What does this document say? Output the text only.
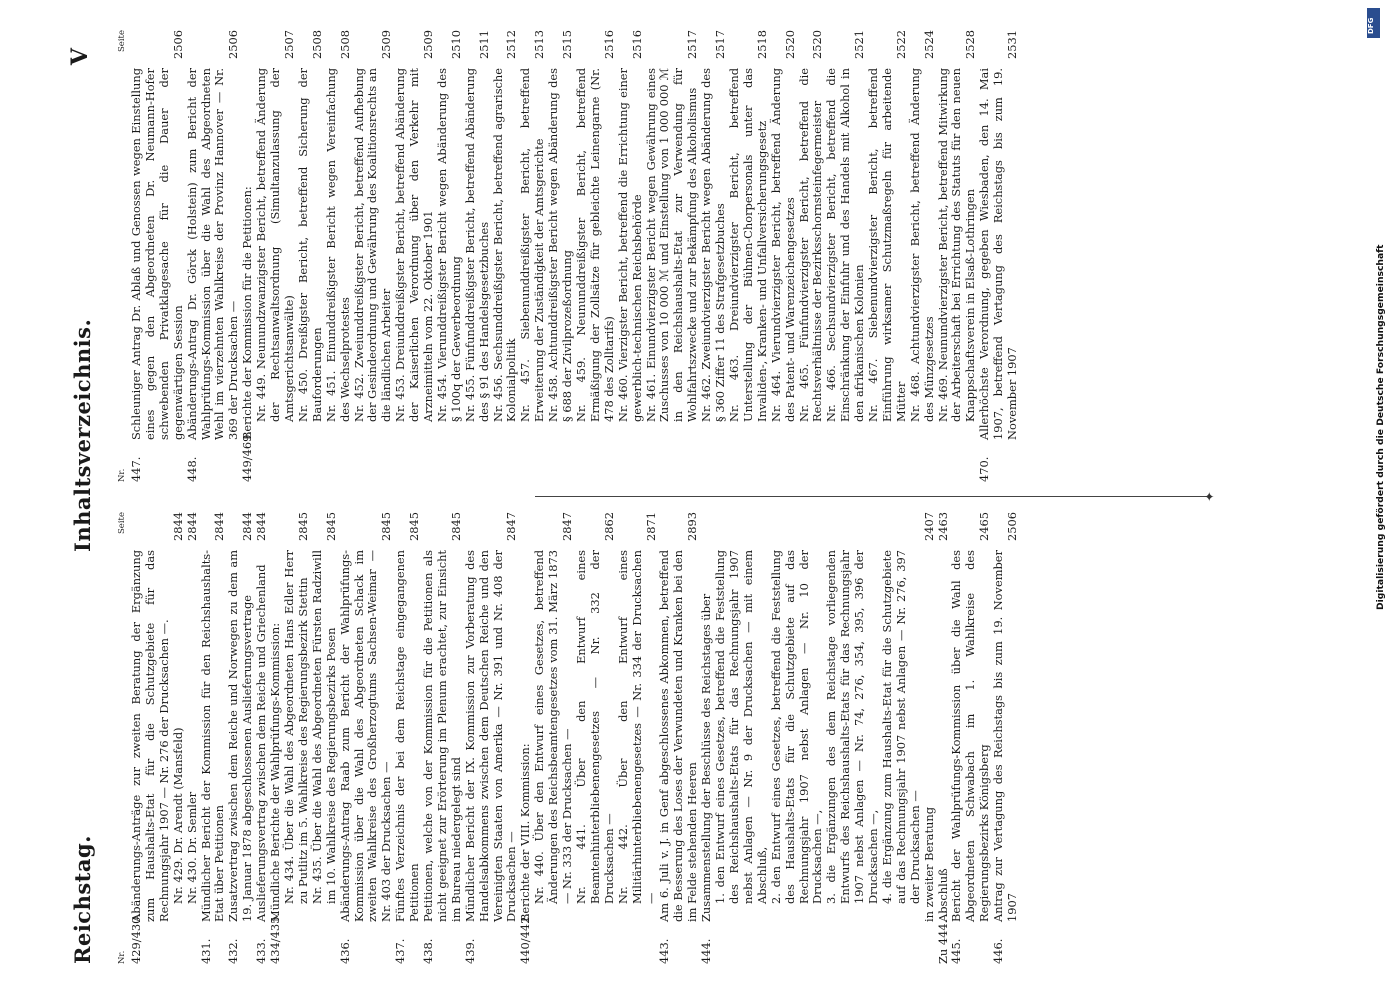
Reichstag.	Nr.
Seite
429/430.
Abänderungs-Anträge zur zweiten Beratung der Ergänzung zum Haushalts-Etat für die Schutzgebiete für das Rechnungsjahr 1907 — Nr. 276 der Drucksachen —. Nr. 429. Dr. Arendt (Mansfeld)
2844
Nr. 430. Dr. Semler
2844
431.
Mündlicher Bericht der Kommission für den Reichshaushalts-Etat über Petitionen
2844
432.
Zusatzvertrag zwischen dem Reiche und Norwegen zu dem am 19. Januar 1878 abgeschlossenen Auslieferungsvertrage
2844
433.
Auslieferungsvertrag zwischen dem Reiche und Griechenland
2844
434/435.
Mündliche Berichte der Wahlprüfungs-Kommission: Nr. 434. Über die Wahl des Abgeordneten Hans Edler Herr zu Putlitz im 5. Wahlkreise des Regierungsbezirk Stettin
2845
Nr. 435. Über die Wahl des Abgeordneten Fürsten Radziwill im 10. Wahlkreise des Regierungsbezirks Posen
2845
436.
Abänderungs-Antrag Raab zum Bericht der Wahlprüfungs-Kommission über die Wahl des Abgeordneten Schack im zweiten Wahlkreise des Großherzogtums Sachsen-Weimar — Nr. 403 der Drucksachen —
2845
437.
Fünftes Verzeichnis der bei dem Reichstage eingegangenen Petitionen
2845
438.
Petitionen, welche von der Kommission für die Petitionen als nicht geeignet zur Erörterung im Plenum erachtet, zur Einsicht im Bureau niedergelegt sind
2845
439.
Mündlicher Bericht der IX. Kommission zur Vorberatung des Handelsabkommens zwischen dem Deutschen Reiche und den Vereinigten Staaten von Amerika — Nr. 391 und Nr. 408 der Drucksachen —
2847
440/442.
Berichte der VIII. Kommission: Nr. 440. Über den Entwurf eines Gesetzes, betreffend Änderungen des Reichsbeamtengesetzes vom 31. März 1873 — Nr. 333 der Drucksachen —
2847
Nr. 441. Über den Entwurf eines Beamtenhinterbliebenengesetzes — Nr. 332 der Drucksachen —
2862
Nr. 442. Über den Entwurf eines Militärhinterbliebenengesetzes — Nr. 334 der Drucksachen —
2871
443.
Am 6. Juli v. J. in Genf abgeschlossenes Abkommen, betreffend die Besserung des Loses der Verwundeten und Kranken bei den im Felde stehenden Heeren
2893
444.
Zusammenstellung der Beschlüsse des Reichstages über 1. den Entwurf eines Gesetzes, betreffend die Feststellung des Reichshaushalts-Etats für das Rechnungsjahr 1907 nebst Anlagen — Nr. 9 der Drucksachen — mit einem Abschluß, 2. den Entwurf eines Gesetzes, betreffend die Feststellung des Haushalts-Etats für die Schutzgebiete auf das Rechnungsjahr 1907 nebst Anlagen — Nr. 10 der Drucksachen —, 3. die Ergänzungen des dem Reichstage vorliegenden Entwurfs des Reichshaushalts-Etats für das Rechnungsjahr 1907 nebst Anlagen — Nr. 74, 276, 354, 395, 396 der Drucksachen —, 4. die Ergänzung zum Haushalts-Etat für die Schutzgebiete auf das Rechnungsjahr 1907 nebst Anlagen — Nr. 276, 397 der Drucksachen — in zweiter Beratung
2407
Zu 444.
Abschluß
2463
445.
Bericht der Wahlprüfungs-Kommission über die Wahl des Abgeordneten Schwabach im 1. Wahlkreise des Regierungsbezirks Königsberg
2465
446.
Antrag zur Vertagung des Reichstags bis zum 19. November 1907
2506
Inhaltsverzeichnis.
V
Nr.
Seite
447.
Schleuniger Antrag Dr. Ablaß und Genossen wegen Einstellung eines gegen den Abgeordneten Dr. Neumann-Hofer schwebenden Privatklagesache für die Dauer der gegenwärtigen Session
2506
448.
Abänderungs-Antrag Dr. Görck (Holstein) zum Bericht der Wahlprüfungs-Kommission über die Wahl des Abgeordneten Wehl im vierzehnten Wahlkreise der Provinz Hannover — Nr. 369 der Drucksachen —
2506
449/469.
Berichte der Kommission für die Petitionen: Nr. 449. Neunundzwanzigster Bericht, betreffend Änderung der Rechtsanwaltsordnung (Simultanzulassung der Amtsgerichtsanwälte)
2507
Nr. 450. Dreißigster Bericht, betreffend Sicherung der Bauforderungen
2508
Nr. 451. Einunddreißigster Bericht wegen Vereinfachung des Wechselprotestes
2508
Nr. 452. Zweiunddreißigster Bericht, betreffend Aufhebung der Gesindeordnung und Gewährung des Koalitionsrechts an die ländlichen Arbeiter
2509
Nr. 453. Dreiunddreißigster Bericht, betreffend Abänderung der Kaiserlichen Verordnung über den Verkehr mit Arzneimitteln vom 22. Oktober 1901
2509
Nr. 454. Vierunddreißigster Bericht wegen Abänderung des § 100q der Gewerbeordnung
2510
Nr. 455. Fünfunddreißigster Bericht, betreffend Abänderung des § 91 des Handelsgesetzbuches
2511
Nr. 456. Sechsunddreißigster Bericht, betreffend agrarische Kolonialpolitik
2512
Nr. 457. Siebenunddreißigster Bericht, betreffend Erweiterung der Zuständigkeit der Amtsgerichte
2513
Nr. 458. Achtunddreißigster Bericht wegen Abänderung des § 688 der Zivilprozeßordnung
2515
Nr. 459. Neununddreißigster Bericht, betreffend Ermäßigung der Zollsätze für gebleichte Leinengarne (Nr. 478 des Zolltarifs)
2516
Nr. 460. Vierzigster Bericht, betreffend die Errichtung einer gewerblich-technischen Reichsbehörde
2516
Nr. 461. Einundvierzigster Bericht wegen Gewährung eines Zuschusses von 10 000 ℳ und Einstellung von 1 000 000 ℳ in den Reichshaushalts-Etat zur Verwendung für Wohlfahrtszwecke und zur Bekämpfung des Alkoholismus
2517
Nr. 462. Zweiundvierzigster Bericht wegen Abänderung des § 360 Ziffer 11 des Strafgesetzbuches
2517
Nr. 463. Dreiundvierzigster Bericht, betreffend Unterstellung der Bühnen-Chorpersonals unter das Invaliden-, Kranken- und Unfallversicherungsgesetz
2518
Nr. 464. Vierundvierzigster Bericht, betreffend Änderung des Patent- und Warenzeichengesetzes
2520
Nr. 465. Fünfundvierzigster Bericht, betreffend die Rechtsverhältnisse der Bezirksschornsteinfegermeister
2520
Nr. 466. Sechsundvierzigster Bericht, betreffend die Einschränkung der Einfuhr und des Handels mit Alkohol in den afrikanischen Kolonien
2521
Nr. 467. Siebenundvierzigster Bericht, betreffend Einführung wirksamer Schutzmaßregeln für arbeitende Mütter
2522
Nr. 468. Achtundvierzigster Bericht, betreffend Änderung des Münzgesetzes
2524
Nr. 469. Neunundvierzigster Bericht, betreffend Mitwirkung der Arbeiterschaft bei Errichtung des Statuts für den neuen Knappschaftsverein in Elsaß-Lothringen
2528
470.
Allerhöchste Verordnung, gegeben Wiesbaden, den 14. Mai 1907, betreffend Vertagung des Reichstags bis zum 19. November 1907
2531
✦
DFG
Digitalisierung gefördert durch die Deutsche Forschungsgemeinschaft
